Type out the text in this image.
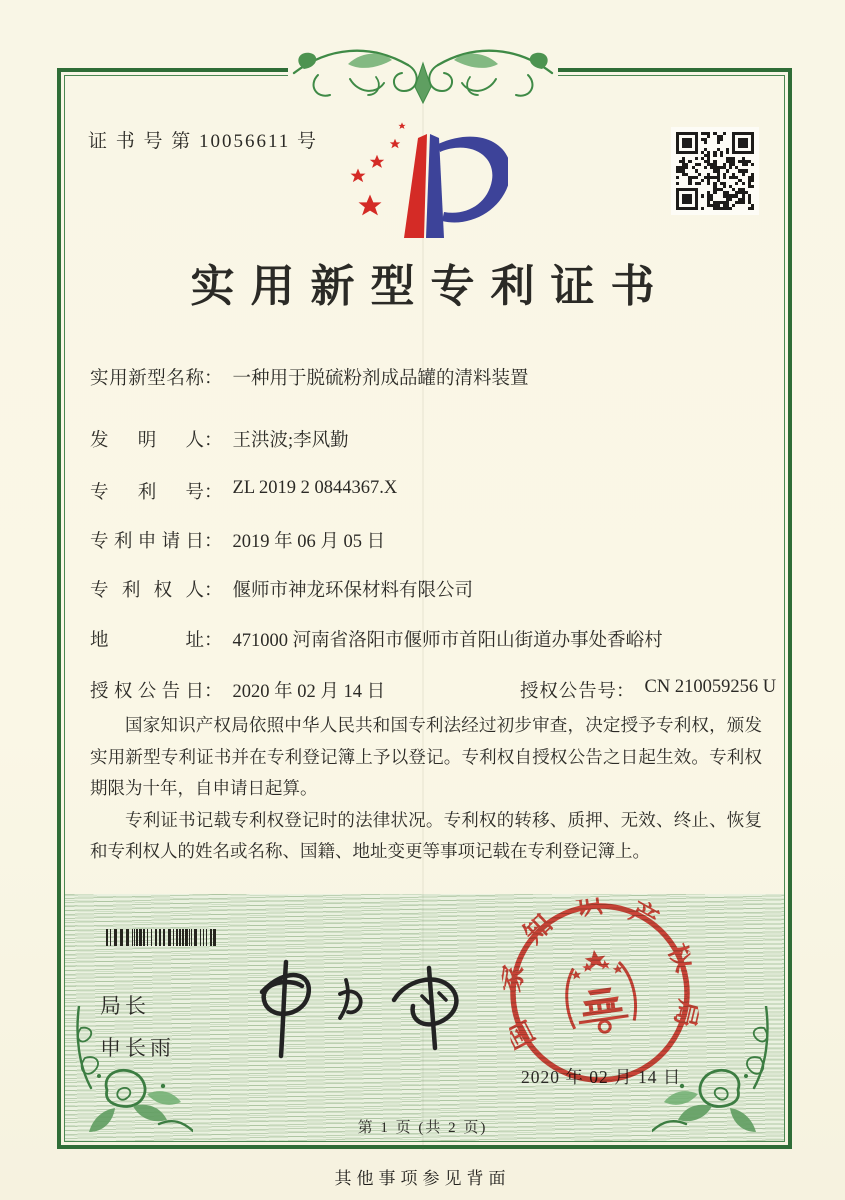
证 书 号 第 10056611 号
实用新型专利证书
实用新型名称 ： 一种用于脱硫粉剂成品罐的清料装置
发明人 ： 王洪波;李风勤
专利号 ： ZL 2019 2 0844367.X
专利申请日 ： 2019 年 06 月 05 日
专利权人 ： 偃师市神龙环保材料有限公司
地址 ： 471000 河南省洛阳市偃师市首阳山街道办事处香峪村
授权公告日 ： 2020 年 02 月 14 日	授权公告号 ： CN 210059256 U

国家知识产权局依照中华人民共和国专利法经过初步审查，决定授予专利权，颁发实用新型专利证书并在专利登记簿上予以登记。专利权自授权公告之日起生效。专利权期限为十年，自申请日起算。

专利证书记载专利权登记时的法律状况。专利权的转移、质押、无效、终止、恢复和专利权人的姓名或名称、国籍、地址变更等事项记载在专利登记簿上。

局长
申长雨
2020 年 02 月 14 日
国家知识产权局
第 1 页 (共 2 页)
其他事项参见背面
